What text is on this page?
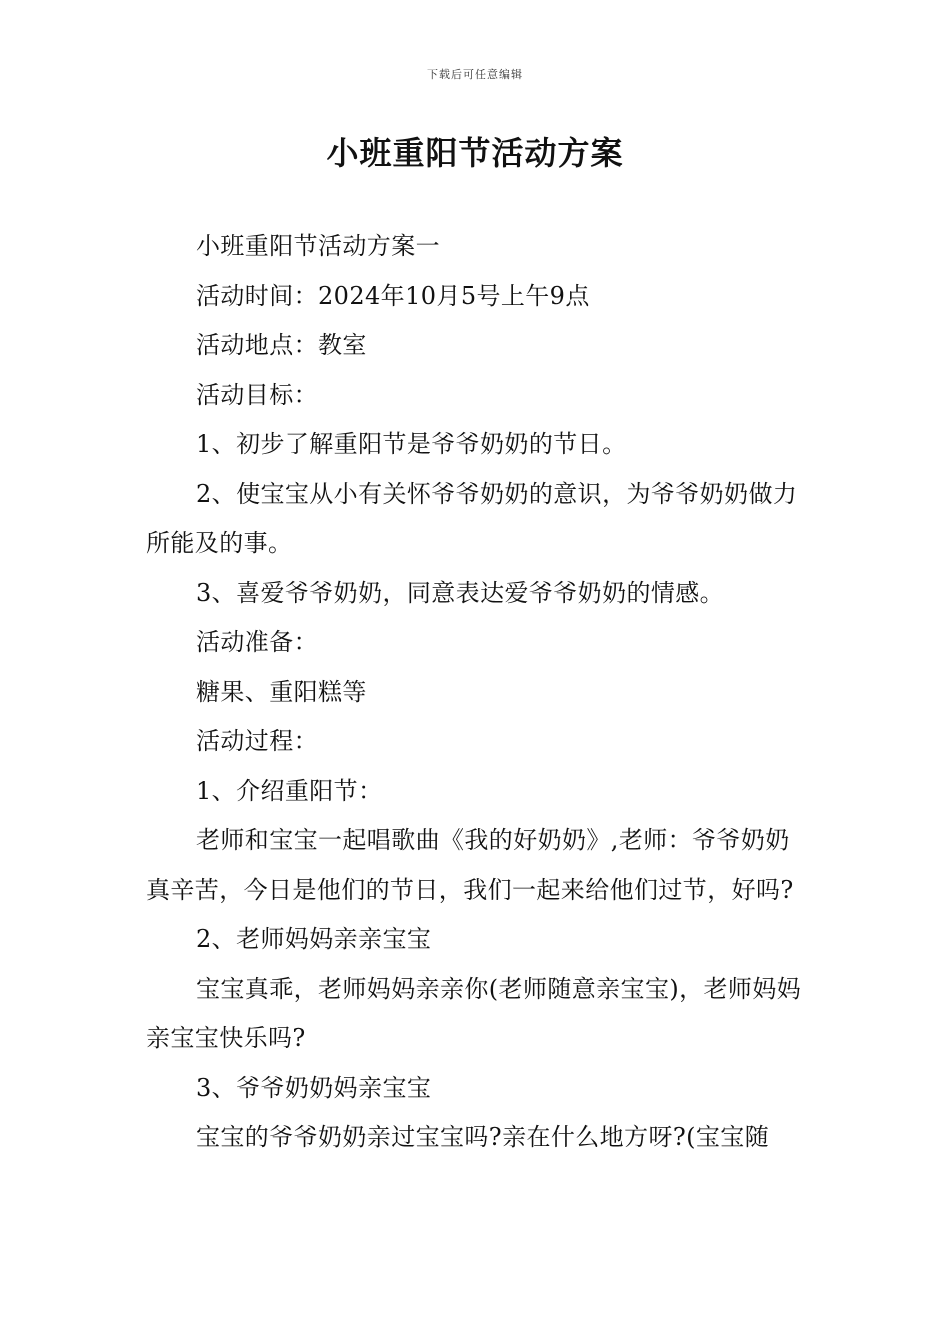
下载后可任意编辑
小班重阳节活动方案

小班重阳节活动方案一

活动时间：2024年10月5号上午9点

活动地点：教室

活动目标：

1、初步了解重阳节是爷爷奶奶的节日。

2、使宝宝从小有关怀爷爷奶奶的意识，为爷爷奶奶做力所能及的事。

3、喜爱爷爷奶奶，同意表达爱爷爷奶奶的情感。

活动准备：

糖果、重阳糕等

活动过程：

1、介绍重阳节：

老师和宝宝一起唱歌曲《我的好奶奶》,老师：爷爷奶奶真辛苦，今日是他们的节日，我们一起来给他们过节，好吗?

2、老师妈妈亲亲宝宝

宝宝真乖，老师妈妈亲亲你(老师随意亲宝宝)，老师妈妈亲宝宝快乐吗?

3、爷爷奶奶妈亲宝宝

宝宝的爷爷奶奶亲过宝宝吗?亲在什么地方呀?(宝宝随
